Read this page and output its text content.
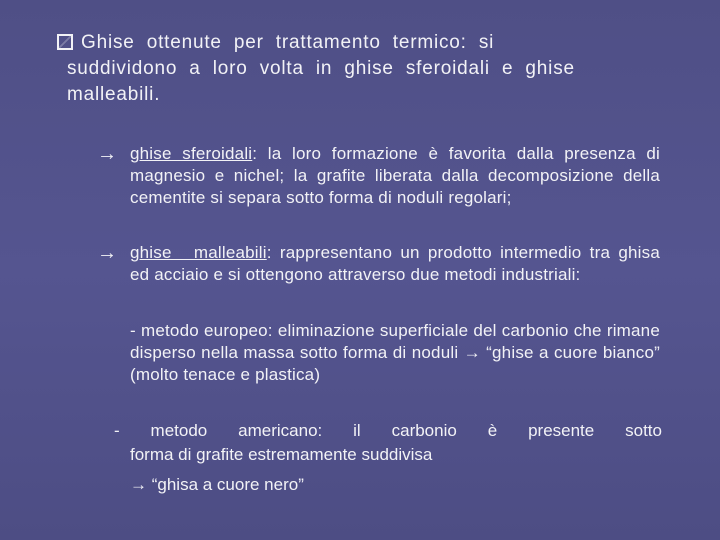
Ghise ottenute per trattamento termico: si
suddividono a loro volta in ghise sferoidali e ghise
malleabili.
→ ghise sferoidali: la loro formazione è favorita dalla presenza di magnesio e nichel; la grafite liberata dalla decomposizione della cementite si separa sotto forma di noduli regolari;
→ ghise malleabili: rappresentano un prodotto intermedio tra ghisa ed acciaio e si ottengono attraverso due metodi industriali:
- metodo europeo: eliminazione superficiale del carbonio che rimane disperso nella massa sotto forma di noduli → “ghise a cuore bianco” (molto tenace e plastica)
- metodo americano: il carbonio è presente sotto
forma di grafite estremamente suddivisa
→ “ghisa a cuore nero”
